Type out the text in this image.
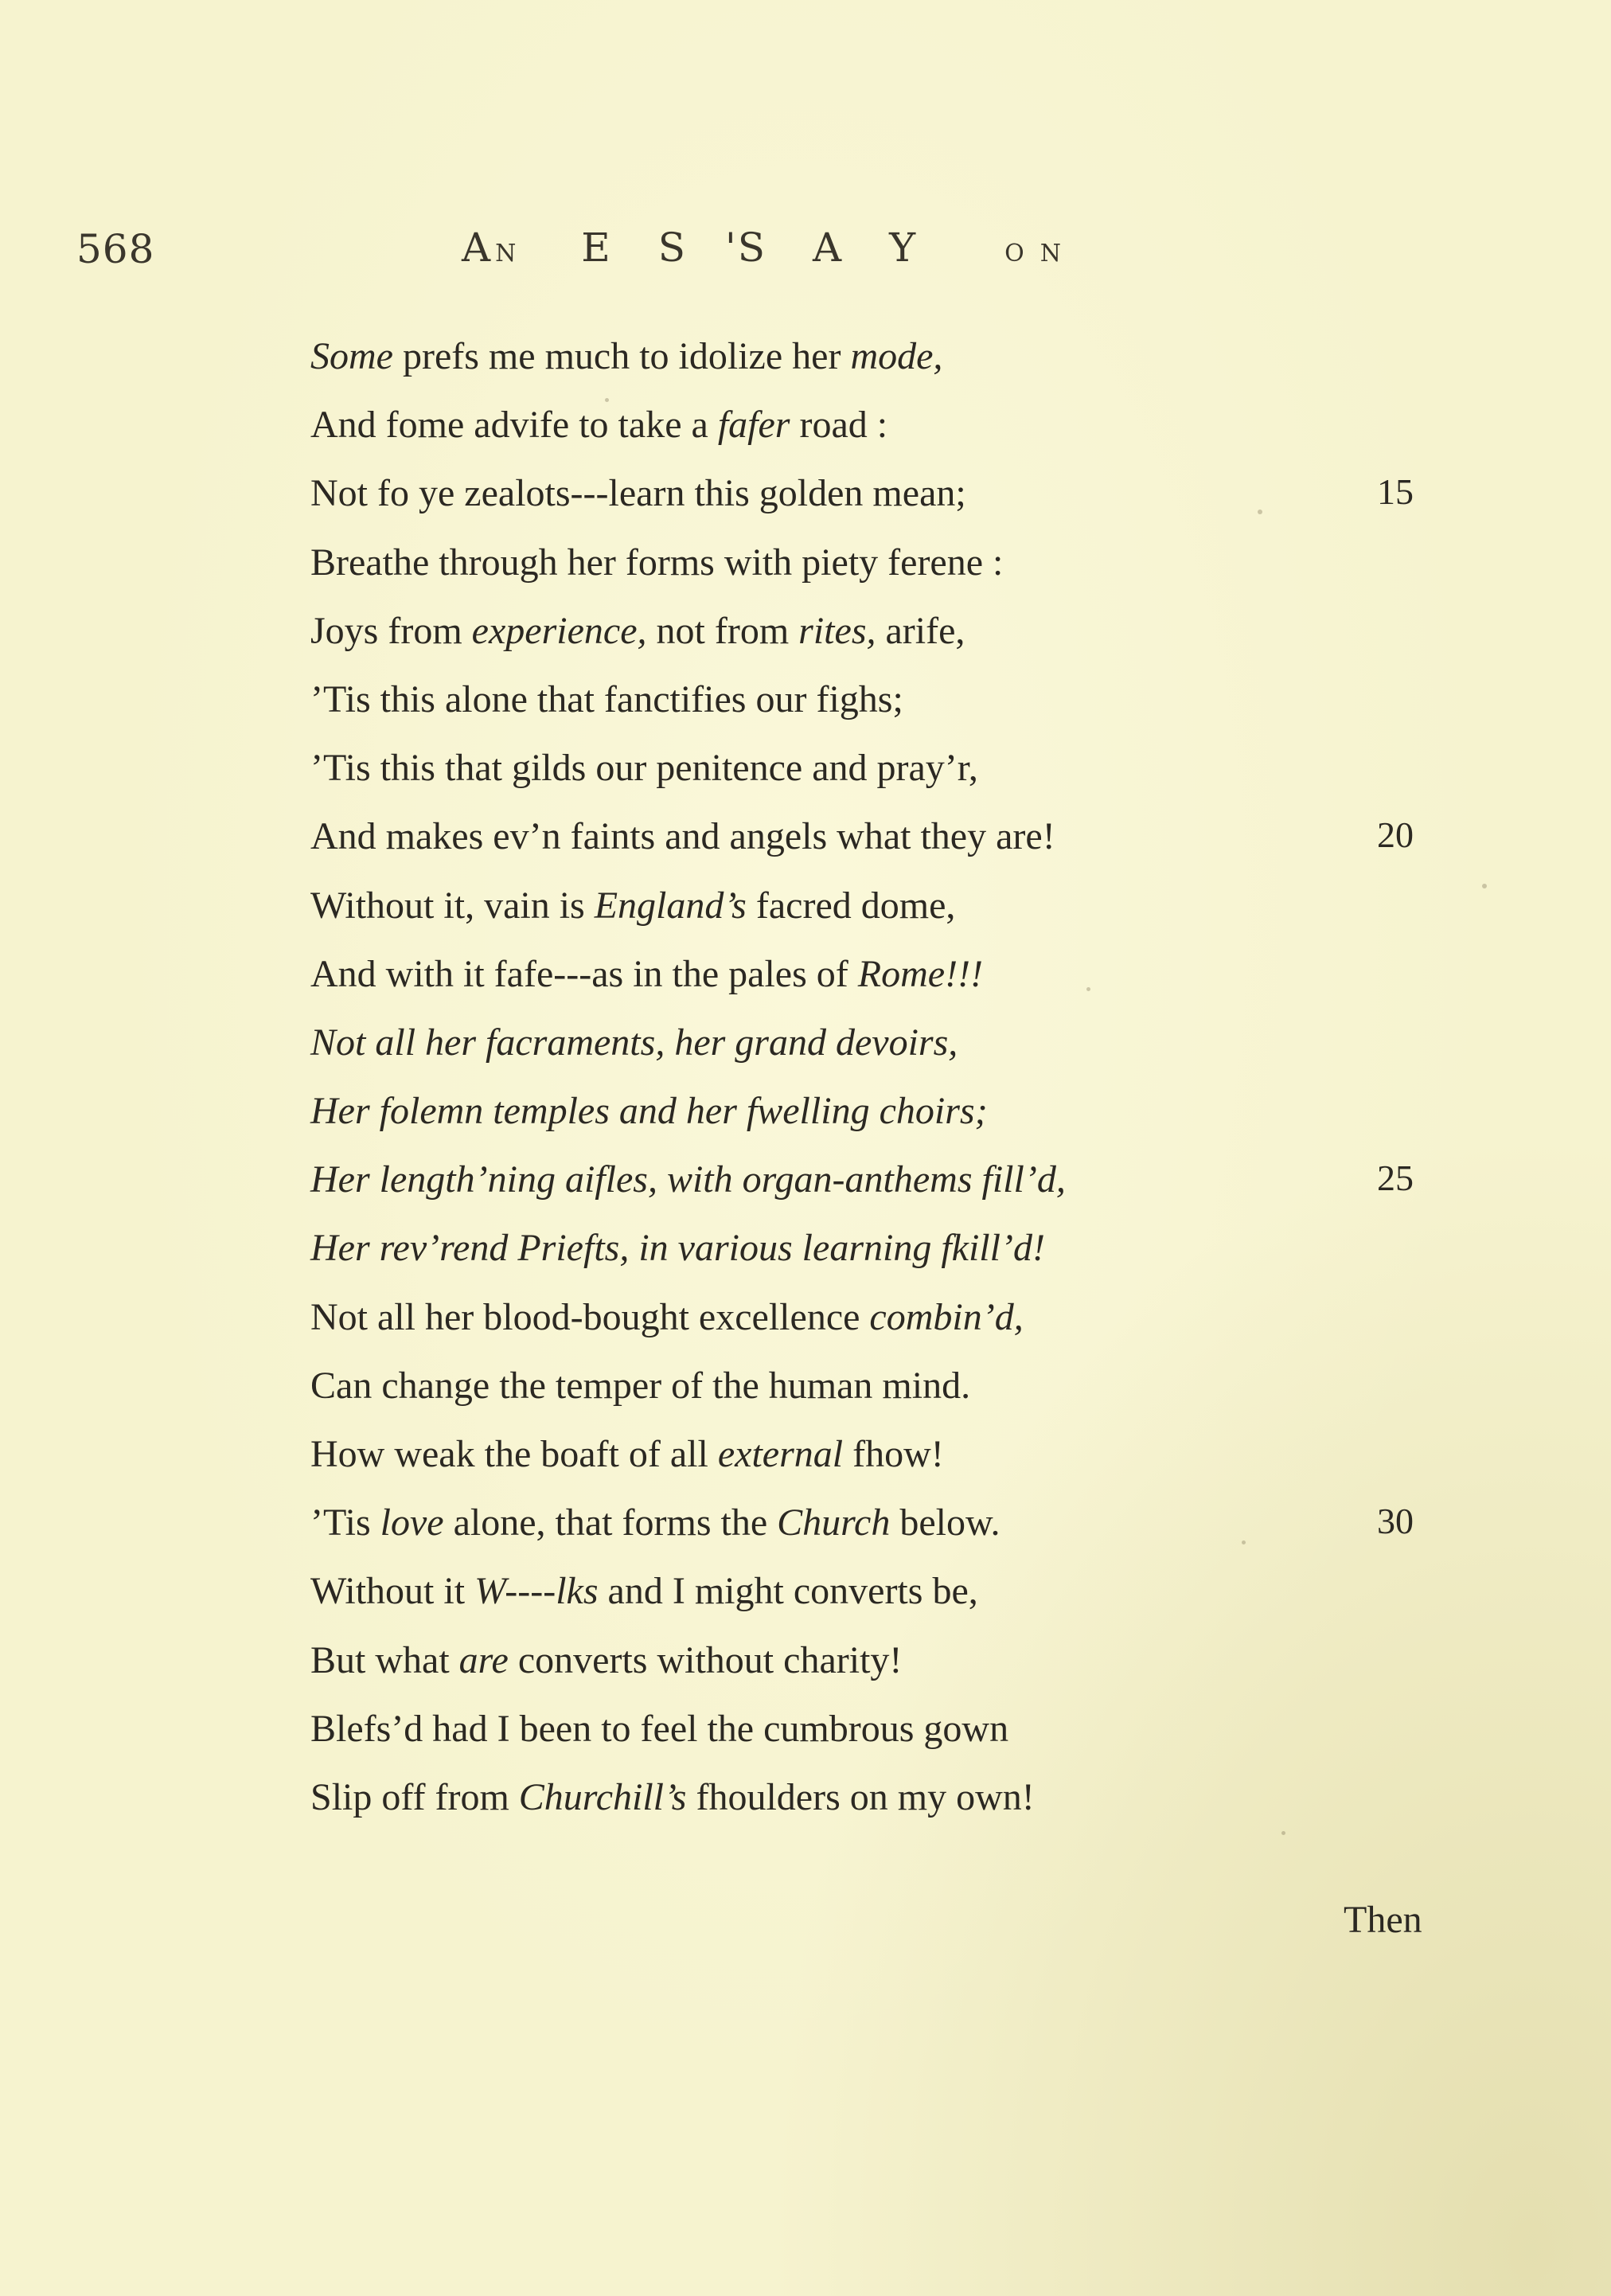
568	A N E S 'S A Y	O N
Some prefs me much to idolize her mode,
And fome advife to take a fafer road :
Not fo ye zealots---learn this golden mean;
Breathe through her forms with piety ferene :
Joys from experience, not from rites, arife,
’Tis this alone that fanctifies our fighs;
’Tis this that gilds our penitence and pray’r,
And makes ev’n faints and angels what they are!
Without it, vain is England’s facred dome,
And with it fafe---as in the pales of Rome!!!
Not all her facraments, her grand devoirs,
Her folemn temples and her fwelling choirs;
Her length’ning aifles, with organ-anthems fill’d,
Her rev’rend Priefts, in various learning fkill’d!
Not all her blood-bought excellence combin’d,
Can change the temper of the human mind.
How weak the boaft of all external fhow!
’Tis love alone, that forms the Church below.
Without it W----lks and I might converts be,
But what are converts without charity!
Blefs’d had I been to feel the cumbrous gown
Slip off from Churchill’s fhoulders on my own!
15
20
25
30
Then
